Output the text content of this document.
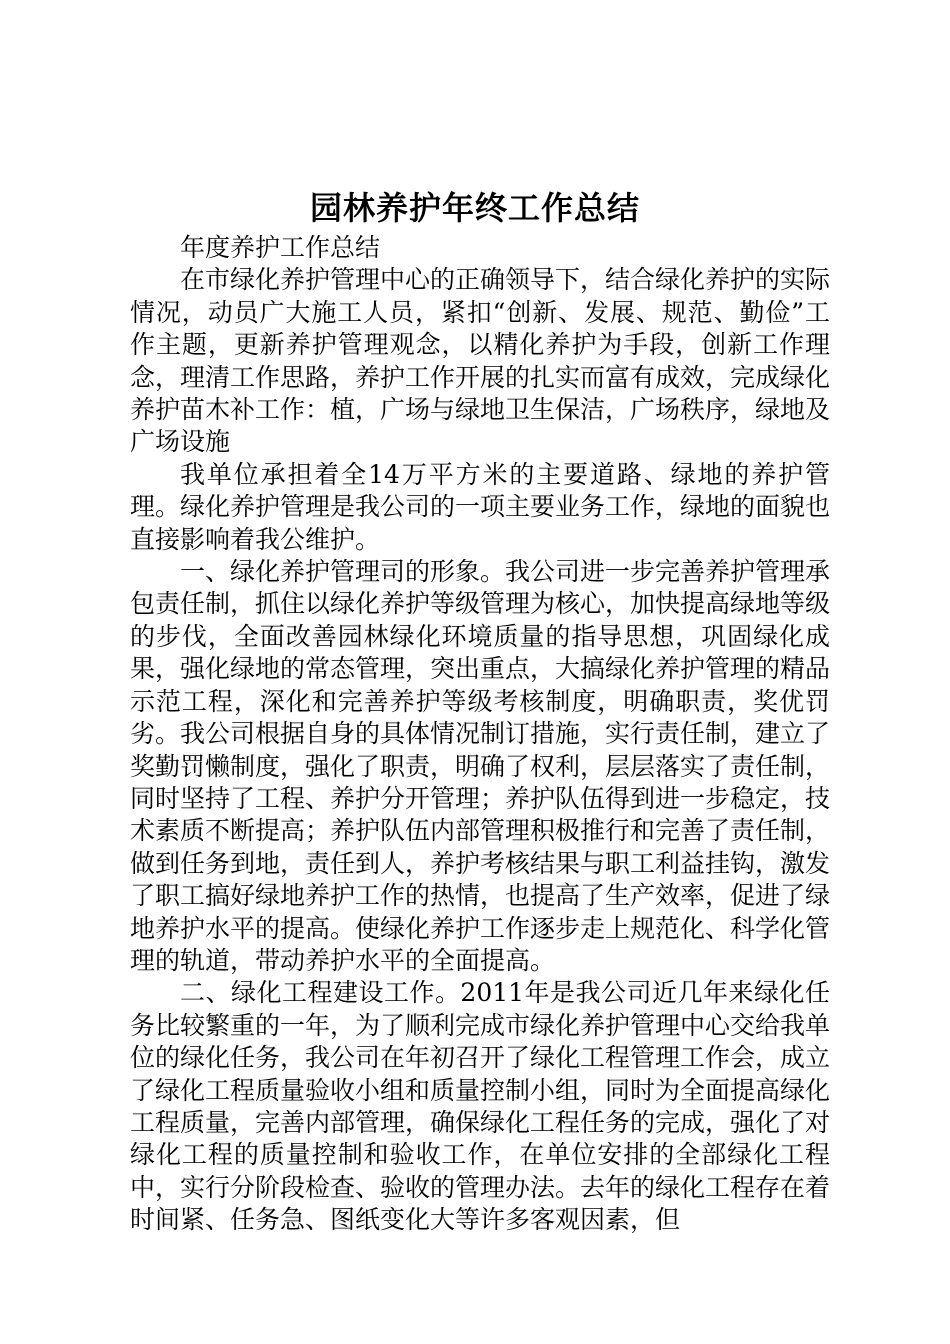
园林养护年终工作总结

年度养护工作总结

在市绿化养护管理中心的正确领导下，结合绿化养护的实际情况，动员广大施工人员，紧扣“创新、发展、规范、勤俭”工作主题，更新养护管理观念，以精化养护为手段，创新工作理念，理清工作思路，养护工作开展的扎实而富有成效，完成绿化养护苗木补工作：植，广场与绿地卫生保洁，广场秩序，绿地及广场设施

我单位承担着全14万平方米的主要道路、绿地的养护管理。绿化养护管理是我公司的一项主要业务工作，绿地的面貌也直接影响着我公维护。

一、绿化养护管理司的形象。我公司进一步完善养护管理承包责任制，抓住以绿化养护等级管理为核心，加快提高绿地等级的步伐，全面改善园林绿化环境质量的指导思想，巩固绿化成果，强化绿地的常态管理，突出重点，大搞绿化养护管理的精品示范工程，深化和完善养护等级考核制度，明确职责，奖优罚劣。我公司根据自身的具体情况制订措施，实行责任制，建立了奖勤罚懒制度，强化了职责，明确了权利，层层落实了责任制，同时坚持了工程、养护分开管理；养护队伍得到进一步稳定，技术素质不断提高；养护队伍内部管理积极推行和完善了责任制，做到任务到地，责任到人，养护考核结果与职工利益挂钩，激发了职工搞好绿地养护工作的热情，也提高了生产效率，促进了绿地养护水平的提高。使绿化养护工作逐步走上规范化、科学化管理的轨道，带动养护水平的全面提高。

二、绿化工程建设工作。2011年是我公司近几年来绿化任务比较繁重的一年，为了顺利完成市绿化养护管理中心交给我单位的绿化任务，我公司在年初召开了绿化工程管理工作会，成立了绿化工程质量验收小组和质量控制小组，同时为全面提高绿化工程质量，完善内部管理，确保绿化工程任务的完成，强化了对绿化工程的质量控制和验收工作，在单位安排的全部绿化工程中，实行分阶段检查、验收的管理办法。去年的绿化工程存在着时间紧、任务急、图纸变化大等许多客观因素，但
